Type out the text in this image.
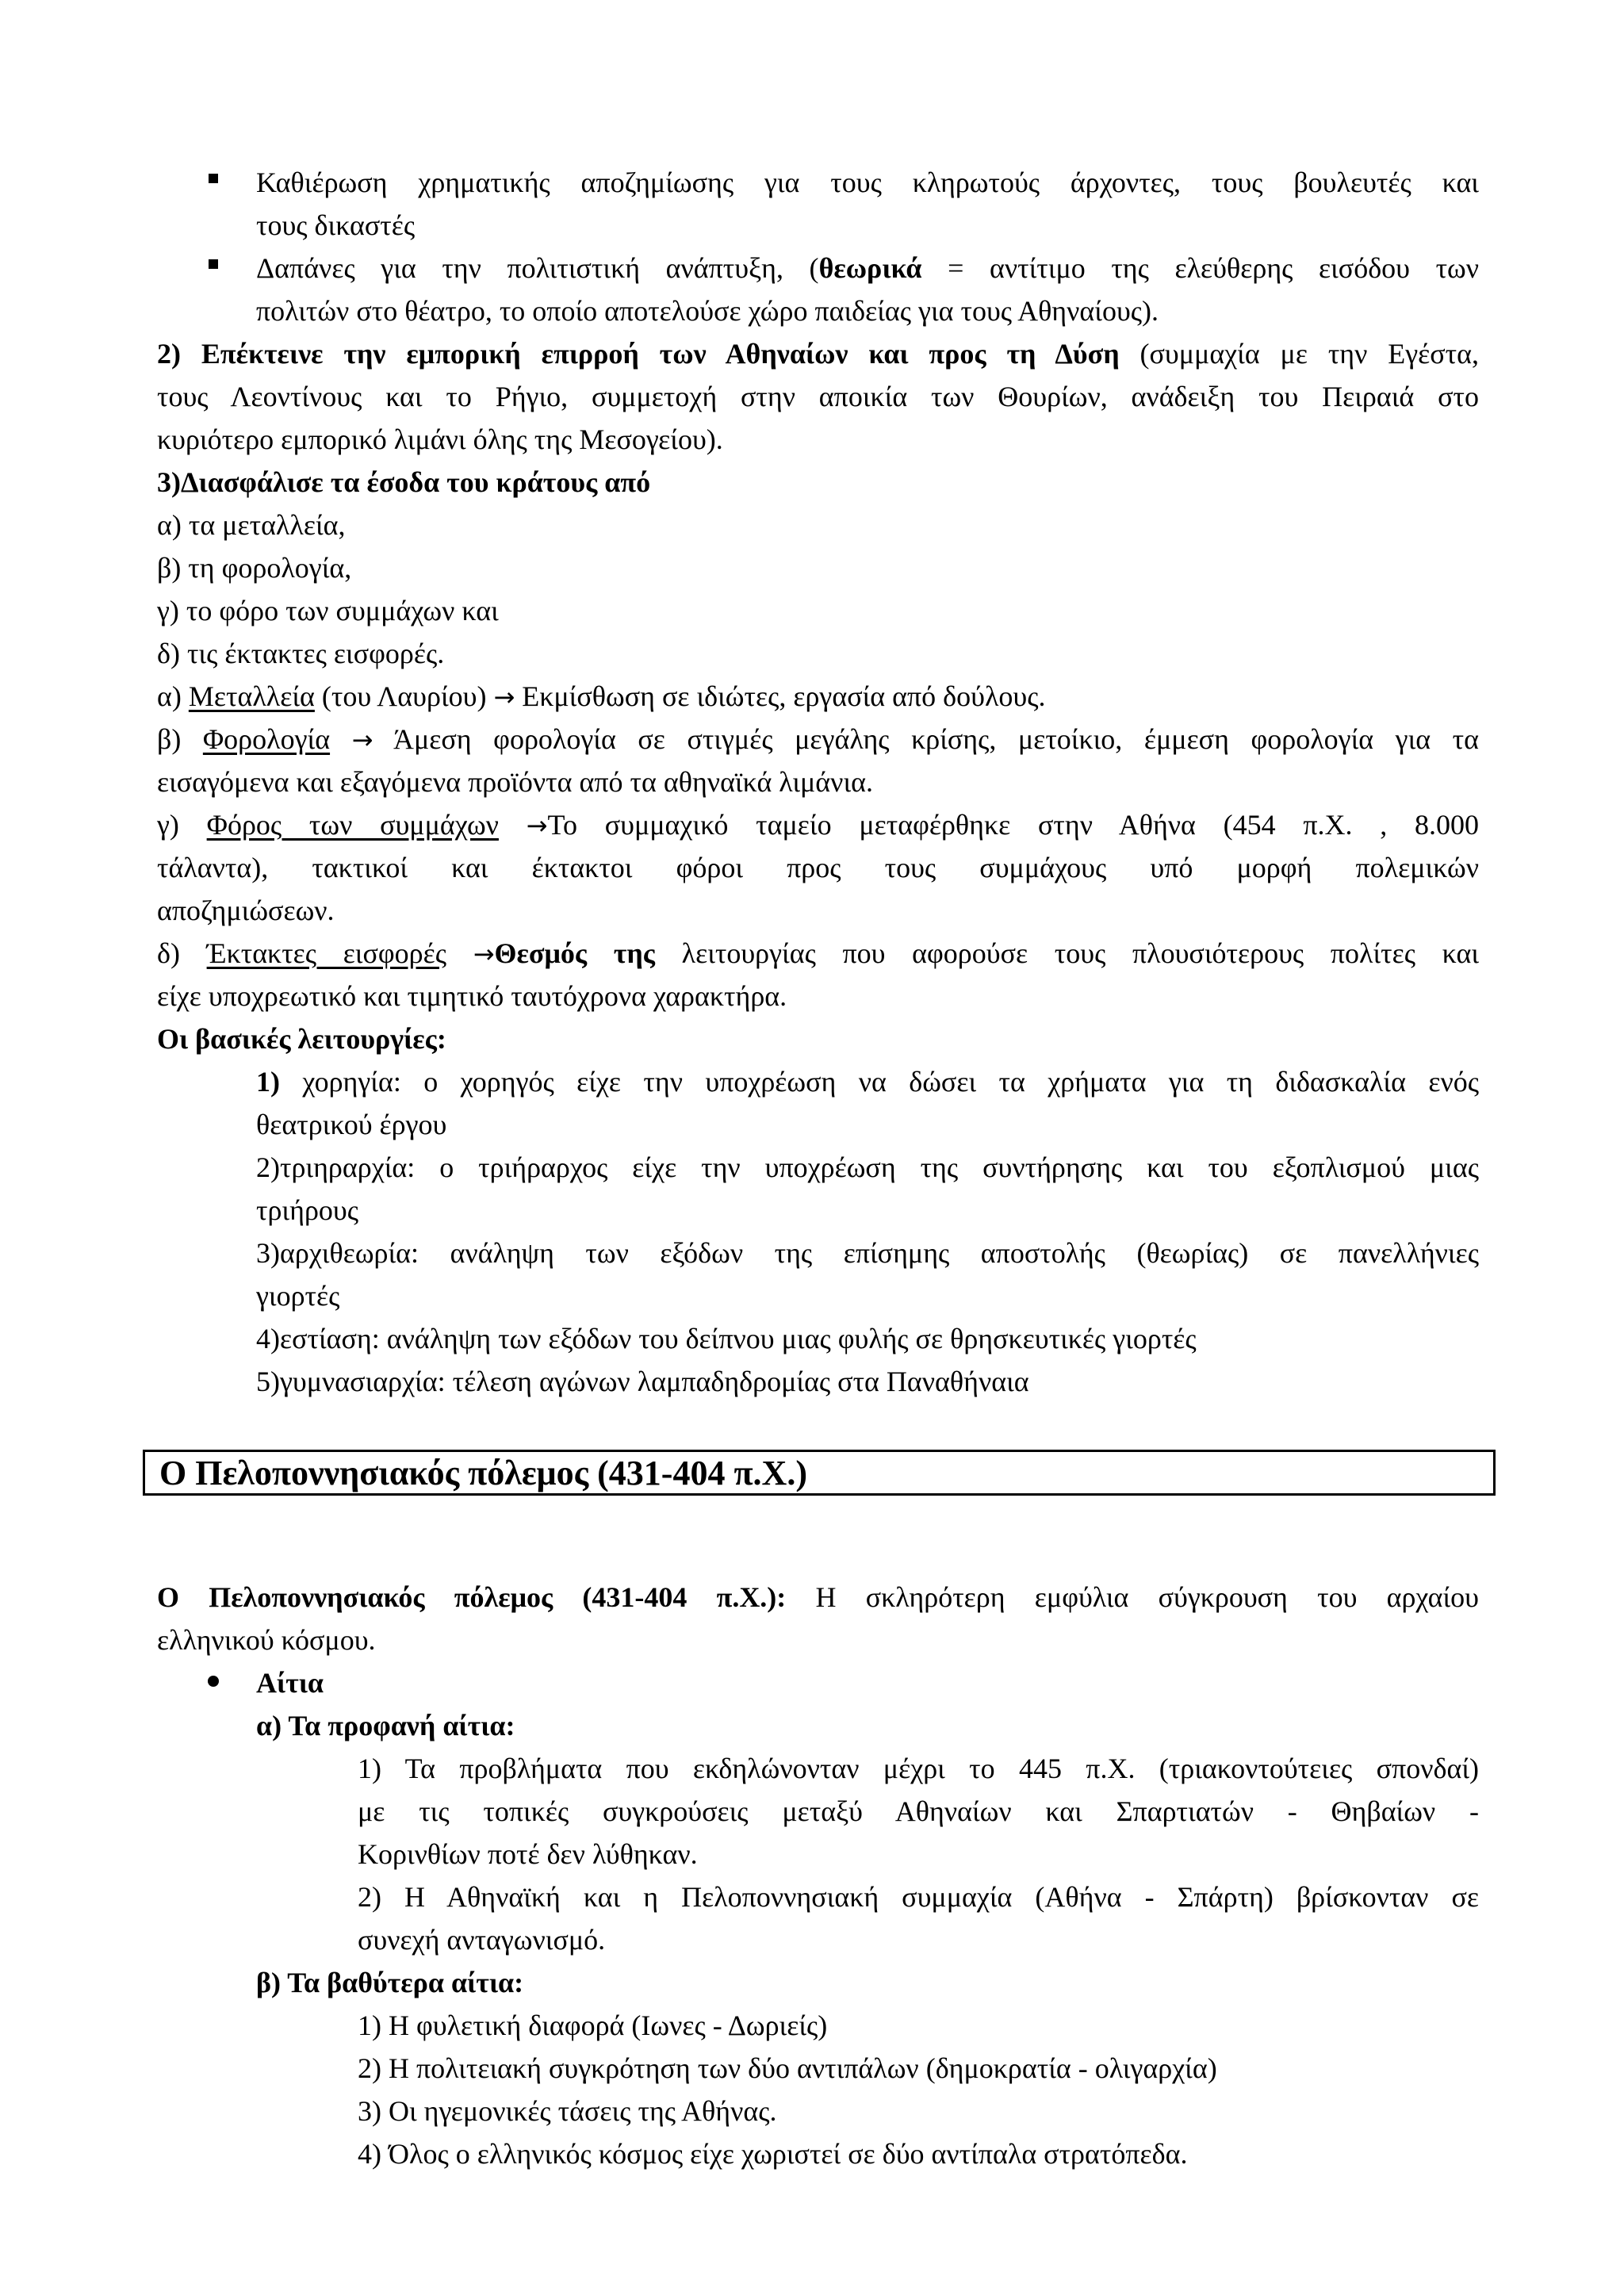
Καθιέρωση χρηματικής αποζημίωσης για τους κληρωτούς άρχοντες, τους βουλευτές και
τους δικαστές
Δαπάνες για την πολιτιστική ανάπτυξη, (θεωρικά = αντίτιμο της ελεύθερης εισόδου των
πολιτών στο θέατρο, το οποίο αποτελούσε χώρο παιδείας για τους Αθηναίους).
2) Επέκτεινε την εμπορική επιρροή των Αθηναίων και προς τη Δύση (συμμαχία με την Εγέστα,
τους Λεοντίνους και το Ρήγιο, συμμετοχή στην αποικία των Θουρίων, ανάδειξη του Πειραιά στο
κυριότερο εμπορικό λιμάνι όλης της Μεσογείου).
3)Διασφάλισε τα έσοδα του κράτους από
α) τα μεταλλεία,
β) τη φορολογία,
γ) το φόρο των συμμάχων και
δ) τις έκτακτες εισφορές.
α) Μεταλλεία (του Λαυρίου) → Εκμίσθωση σε ιδιώτες, εργασία από δούλους.
β) Φορολογία → Άμεση φορολογία σε στιγμές μεγάλης κρίσης, μετοίκιο, έμμεση φορολογία για τα
εισαγόμενα και εξαγόμενα προϊόντα από τα αθηναϊκά λιμάνια.
γ) Φόρος των συμμάχων →Το συμμαχικό ταμείο μεταφέρθηκε στην Αθήνα (454 π.Χ. , 8.000
τάλαντα), τακτικοί και έκτακτοι φόροι προς τους συμμάχους υπό μορφή πολεμικών
αποζημιώσεων.
δ) Έκτακτες εισφορές →Θεσμός της λειτουργίας που αφορούσε τους πλουσιότερους πολίτες και
είχε υποχρεωτικό και τιμητικό ταυτόχρονα χαρακτήρα.
Οι βασικές λειτουργίες:
1) χορηγία: ο χορηγός είχε την υποχρέωση να δώσει τα χρήματα για τη διδασκαλία ενός
θεατρικού έργου
2)τριηραρχία: ο τριήραρχος είχε την υποχρέωση της συντήρησης και του εξοπλισμού μιας
τριήρους
3)αρχιθεωρία: ανάληψη των εξόδων της επίσημης αποστολής (θεωρίας) σε πανελλήνιες
γιορτές
4)εστίαση: ανάληψη των εξόδων του δείπνου μιας φυλής σε θρησκευτικές γιορτές
5)γυμνασιαρχία: τέλεση αγώνων λαμπαδηδρομίας στα Παναθήναια
Ο Πελοποννησιακός πόλεμος (431-404 π.Χ.)
Ο Πελοποννησιακός πόλεμος (431-404 π.Χ.): Η σκληρότερη εμφύλια σύγκρουση του αρχαίου
ελληνικού κόσμου.
Αίτια
α) Τα προφανή αίτια:
1) Τα προβλήματα που εκδηλώνονταν μέχρι το 445 π.Χ. (τριακοντούτειες σπονδαί)
με τις τοπικές συγκρούσεις μεταξύ Αθηναίων και Σπαρτιατών - Θηβαίων -
Κορινθίων ποτέ δεν λύθηκαν.
2) Η Αθηναϊκή και η Πελοποννησιακή συμμαχία (Αθήνα - Σπάρτη) βρίσκονταν σε
συνεχή ανταγωνισμό.
β) Τα βαθύτερα αίτια:
1) Η φυλετική διαφορά (Ιωνες - Δωριείς)
2) Η πολιτειακή συγκρότηση των δύο αντιπάλων (δημοκρατία - ολιγαρχία)
3) Οι ηγεμονικές τάσεις της Αθήνας.
4) Όλος ο ελληνικός κόσμος είχε χωριστεί σε δύο αντίπαλα στρατόπεδα.
